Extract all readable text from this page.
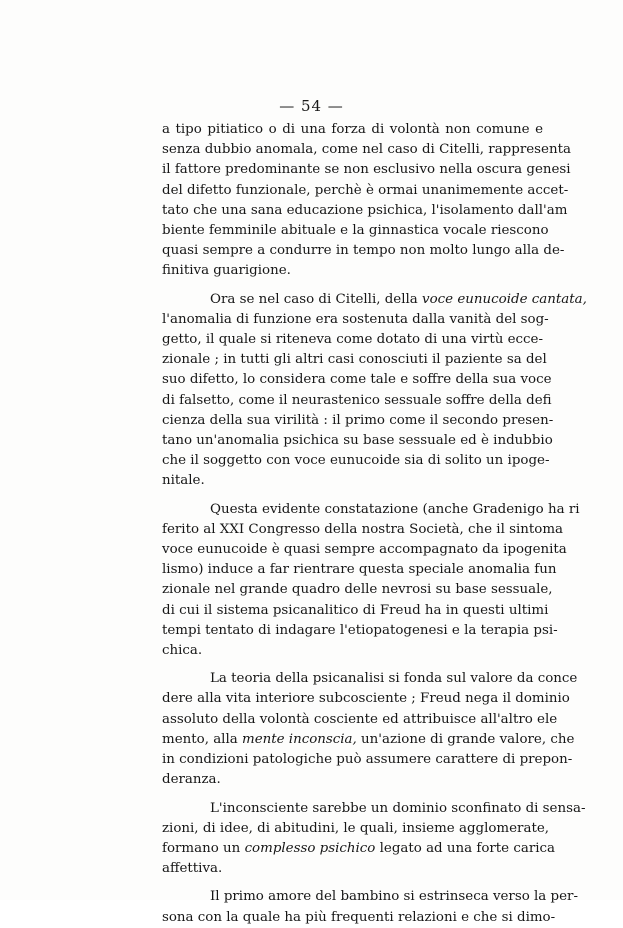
— 54 —
a tipo pitiatico o di una forza di volontà non comune e
senza dubbio anomala, come nel caso di Citelli, rappresenta
il fattore predominante se non esclusivo nella oscura genesi
del difetto funzionale, perchè è ormai unanimemente accet-
tato che una sana educazione psichica, l'isolamento dall'am
biente femminile abituale e la ginnastica vocale riescono
quasi sempre a condurre in tempo non molto lungo alla de-
finitiva guarigione.
Ora se nel caso di Citelli, della voce eunucoide cantata,
l'anomalia di funzione era sostenuta dalla vanità del sog-
getto, il quale si riteneva come dotato di una virtù ecce-
zionale ; in tutti gli altri casi conosciuti il paziente sa del
suo difetto, lo considera come tale e soffre della sua voce
di falsetto, come il neurastenico sessuale soffre della defi
cienza della sua virilità : il primo come il secondo presen-
tano un'anomalia psichica su base sessuale ed è indubbio
che il soggetto con voce eunucoide sia di solito un ipoge-
nitale.
Questa evidente constatazione (anche Gradenigo ha ri
ferito al XXI Congresso della nostra Società, che il sintoma
voce eunucoide è quasi sempre accompagnato da ipogenita
lismo) induce a far rientrare questa speciale anomalia fun
zionale nel grande quadro delle nevrosi su base sessuale,
di cui il sistema psicanalitico di Freud ha in questi ultimi
tempi tentato di indagare l'etiopatogenesi e la terapia psi-
chica.
La teoria della psicanalisi si fonda sul valore da conce
dere alla vita interiore subcosciente ; Freud nega il dominio
assoluto della volontà cosciente ed attribuisce all'altro ele
mento, alla mente inconscia, un'azione di grande valore, che
in condizioni patologiche può assumere carattere di prepon-
deranza.
L'inconsciente sarebbe un dominio sconfinato di sensa-
zioni, di idee, di abitudini, le quali, insieme agglomerate,
formano un complesso psichico legato ad una forte carica
affettiva.
Il primo amore del bambino si estrinseca verso la per-
sona con la quale ha più frequenti relazioni e che si dimo-
